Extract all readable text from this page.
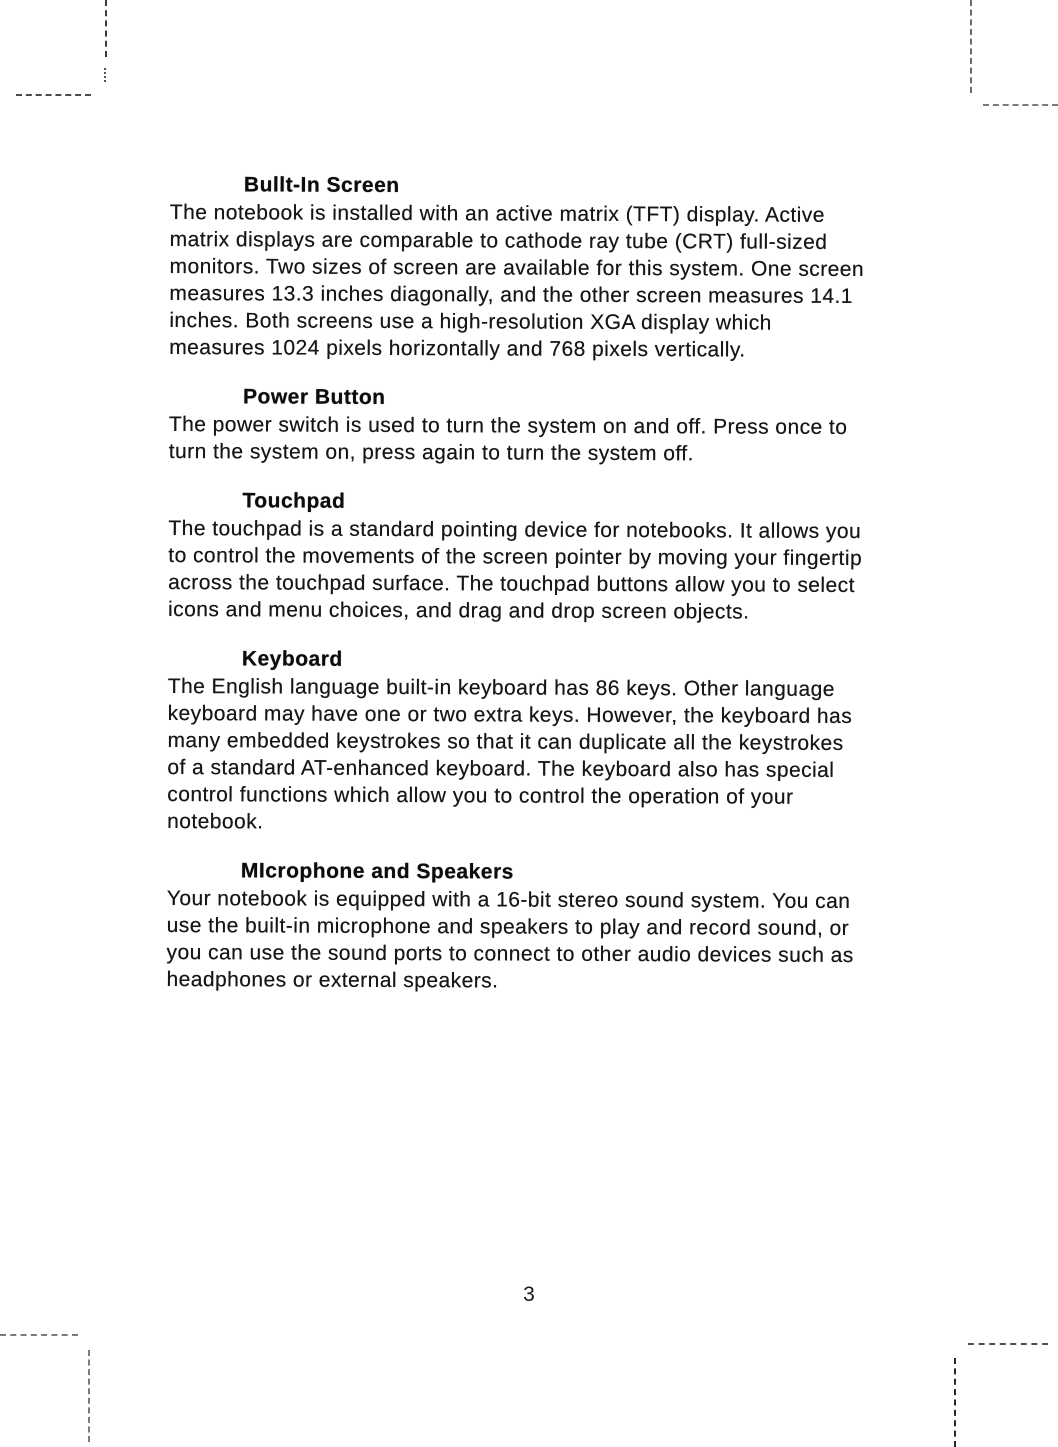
Bullt-In Screen

The notebook is installed with an active matrix (TFT) display. Active
matrix displays are comparable to cathode ray tube (CRT) full-sized
monitors. Two sizes of screen are available for this system. One screen
measures 13.3 inches diagonally, and the other screen measures 14.1
inches. Both screens use a high-resolution XGA display which
measures 1024 pixels horizontally and 768 pixels vertically.

Power Button

The power switch is used to turn the system on and off. Press once to
turn the system on, press again to turn the system off.

Touchpad

The touchpad is a standard pointing device for notebooks. It allows you
to control the movements of the screen pointer by moving your fingertip
across the touchpad surface. The touchpad buttons allow you to select
icons and menu choices, and drag and drop screen objects.

Keyboard

The English language built-in keyboard has 86 keys. Other language
keyboard may have one or two extra keys. However, the keyboard has
many embedded keystrokes so that it can duplicate all the keystrokes
of a standard AT-enhanced keyboard. The keyboard also has special
control functions which allow you to control the operation of your
notebook.

MIcrophone and Speakers

Your notebook is equipped with a 16-bit stereo sound system. You can
use the built-in microphone and speakers to play and record sound, or
you can use the sound ports to connect to other audio devices such as
headphones or external speakers.

3
